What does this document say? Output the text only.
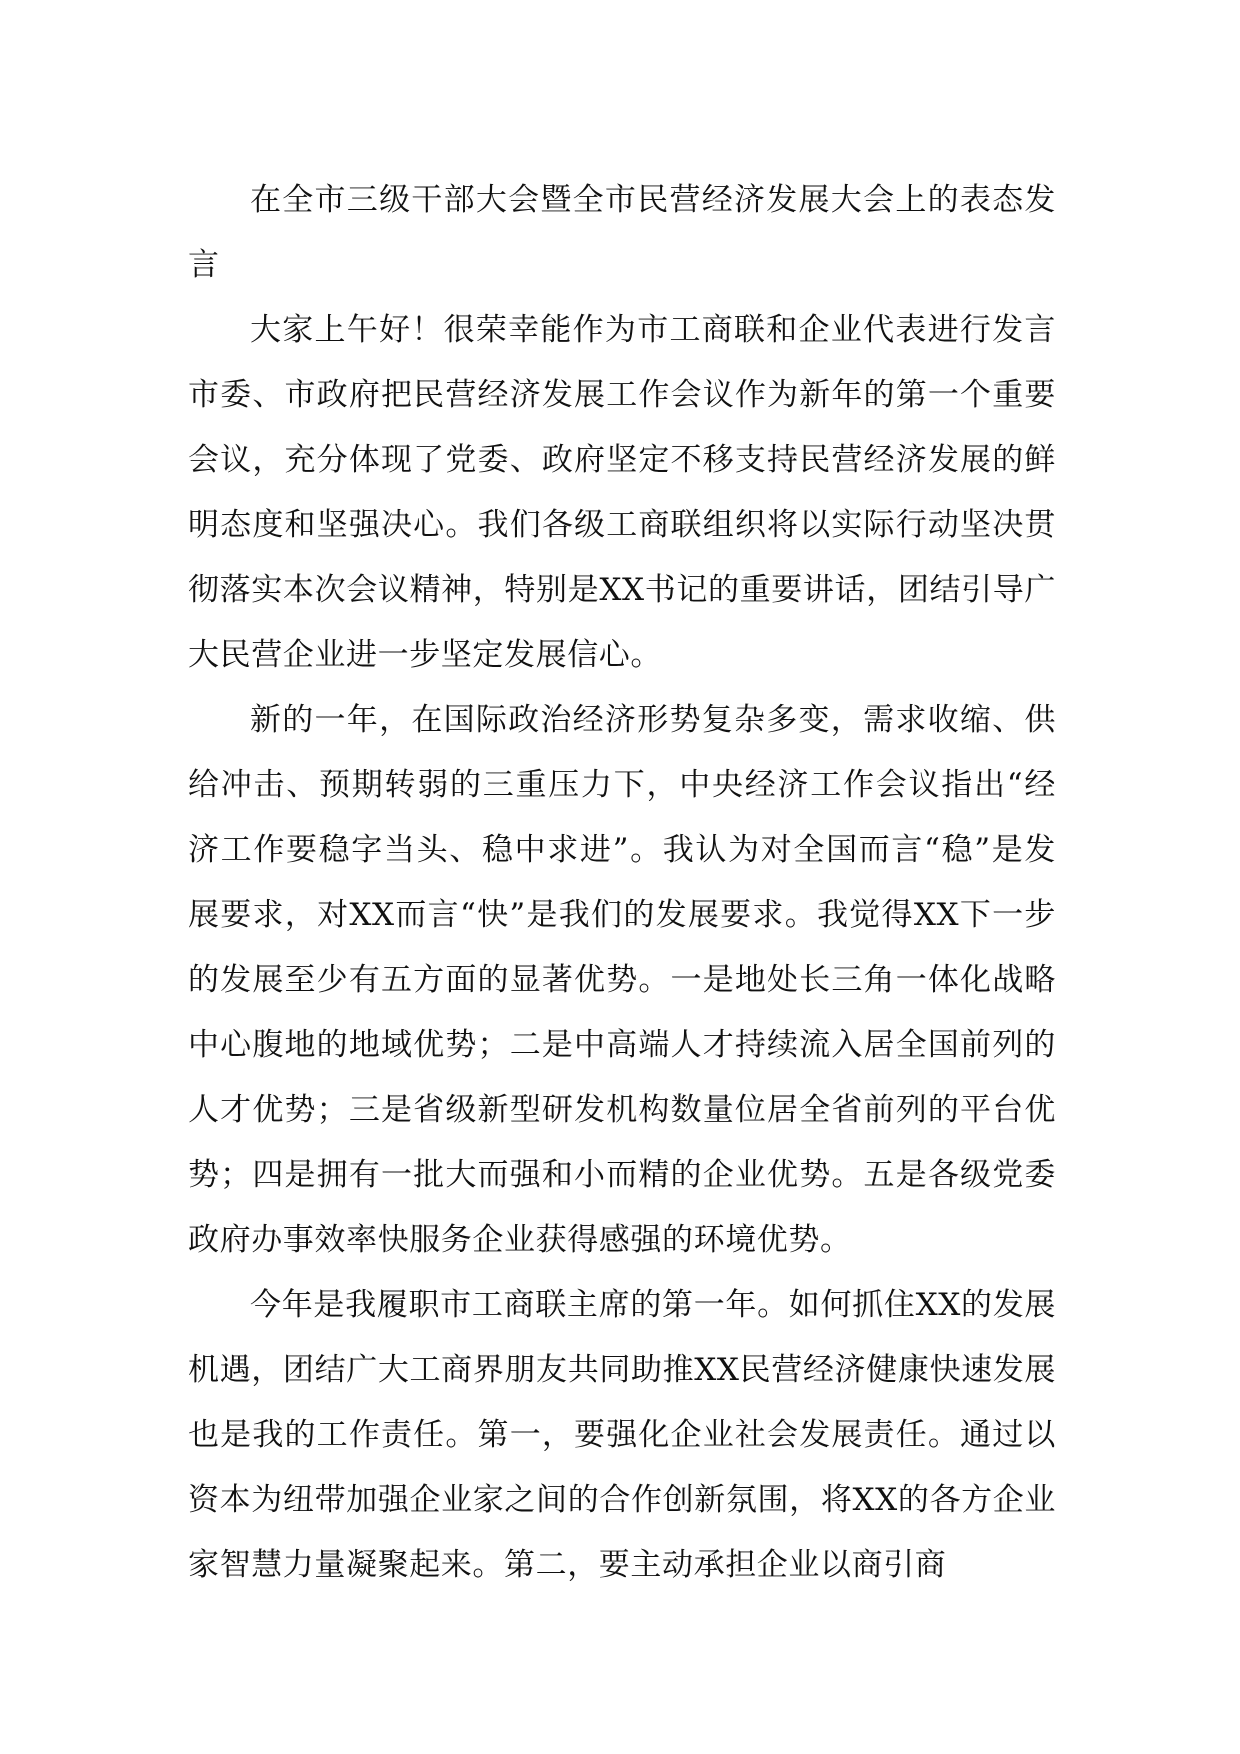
在全市三级干部大会暨全市民营经济发展大会上的表态发言

大家上午好！很荣幸能作为市工商联和企业代表进行发言市委、市政府把民营经济发展工作会议作为新年的第一个重要会议，充分体现了党委、政府坚定不移支持民营经济发展的鲜明态度和坚强决心。我们各级工商联组织将以实际行动坚决贯彻落实本次会议精神，特别是XX书记的重要讲话，团结引导广大民营企业进一步坚定发展信心。

新的一年，在国际政治经济形势复杂多变，需求收缩、供给冲击、预期转弱的三重压力下，中央经济工作会议指出“经济工作要稳字当头、稳中求进”。我认为对全国而言“稳”是发展要求，对XX而言“快”是我们的发展要求。我觉得XX下一步的发展至少有五方面的显著优势。一是地处长三角一体化战略中心腹地的地域优势；二是中高端人才持续流入居全国前列的人才优势；三是省级新型研发机构数量位居全省前列的平台优势；四是拥有一批大而强和小而精的企业优势。五是各级党委政府办事效率快服务企业获得感强的环境优势。

今年是我履职市工商联主席的第一年。如何抓住XX的发展机遇，团结广大工商界朋友共同助推XX民营经济健康快速发展也是我的工作责任。第一，要强化企业社会发展责任。通过以资本为纽带加强企业家之间的合作创新氛围，将XX的各方企业家智慧力量凝聚起来。第二，要主动承担企业以商引商
